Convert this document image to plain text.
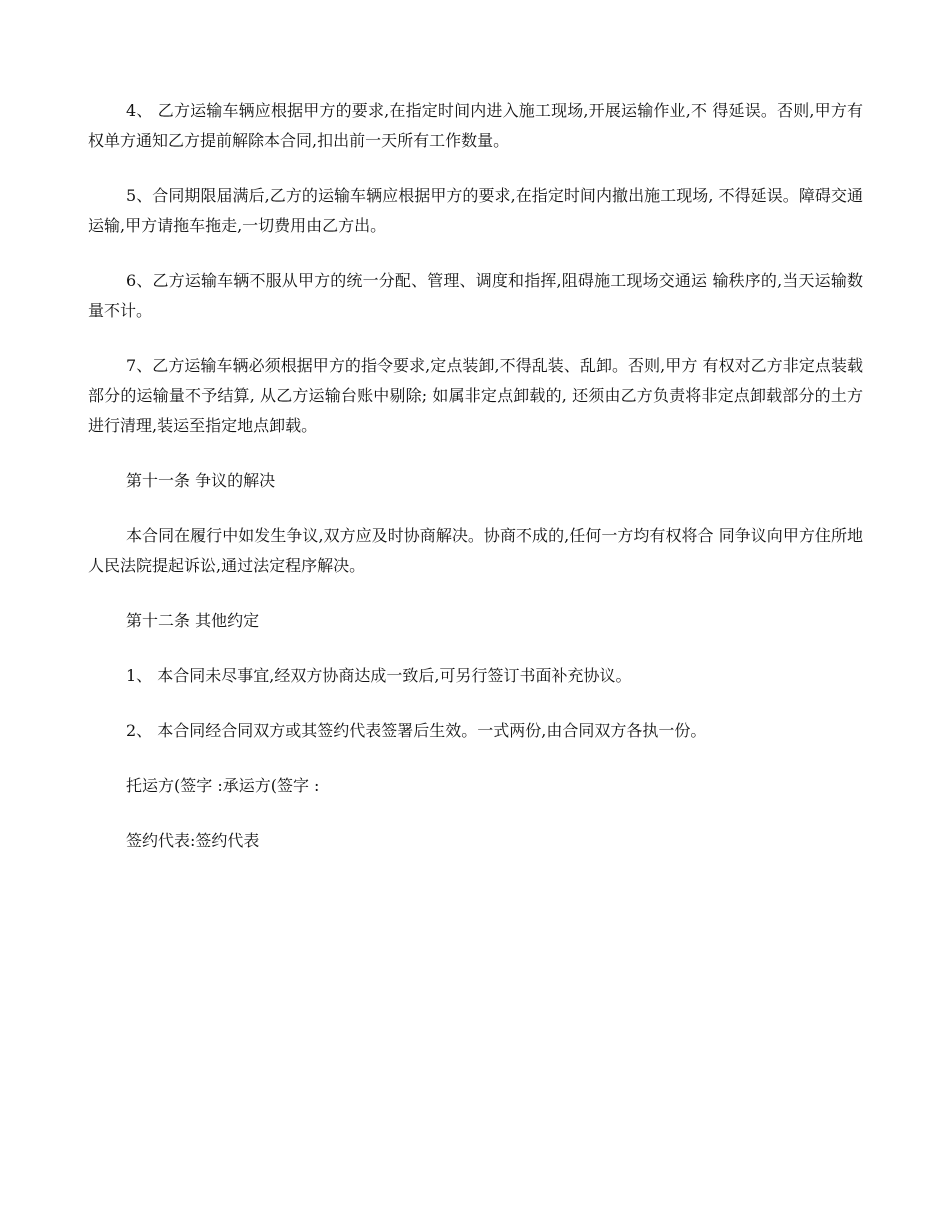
4、 乙方运输车辆应根据甲方的要求,在指定时间内进入施工现场,开展运输作业,不 得延误。否则,甲方有权单方通知乙方提前解除本合同,扣出前一天所有工作数量。

5、合同期限届满后,乙方的运输车辆应根据甲方的要求,在指定时间内撤出施工现场, 不得延误。障碍交通运输,甲方请拖车拖走,一切费用由乙方出。

6、乙方运输车辆不服从甲方的统一分配、管理、调度和指挥,阻碍施工现场交通运 输秩序的,当天运输数量不计。

7、乙方运输车辆必须根据甲方的指令要求,定点装卸,不得乱装、乱卸。否则,甲方 有权对乙方非定点装载部分的运输量不予结算, 从乙方运输台账中剔除; 如属非定点卸载的, 还须由乙方负责将非定点卸载部分的土方进行清理,装运至指定地点卸载。

第十一条 争议的解决

本合同在履行中如发生争议,双方应及时协商解决。协商不成的,任何一方均有权将合 同争议向甲方住所地人民法院提起诉讼,通过法定程序解决。

第十二条 其他约定

1、 本合同未尽事宜,经双方协商达成一致后,可另行签订书面补充协议。

2、 本合同经合同双方或其签约代表签署后生效。一式两份,由合同双方各执一份。

托运方(签字 :承运方(签字 :

签约代表:签约代表
